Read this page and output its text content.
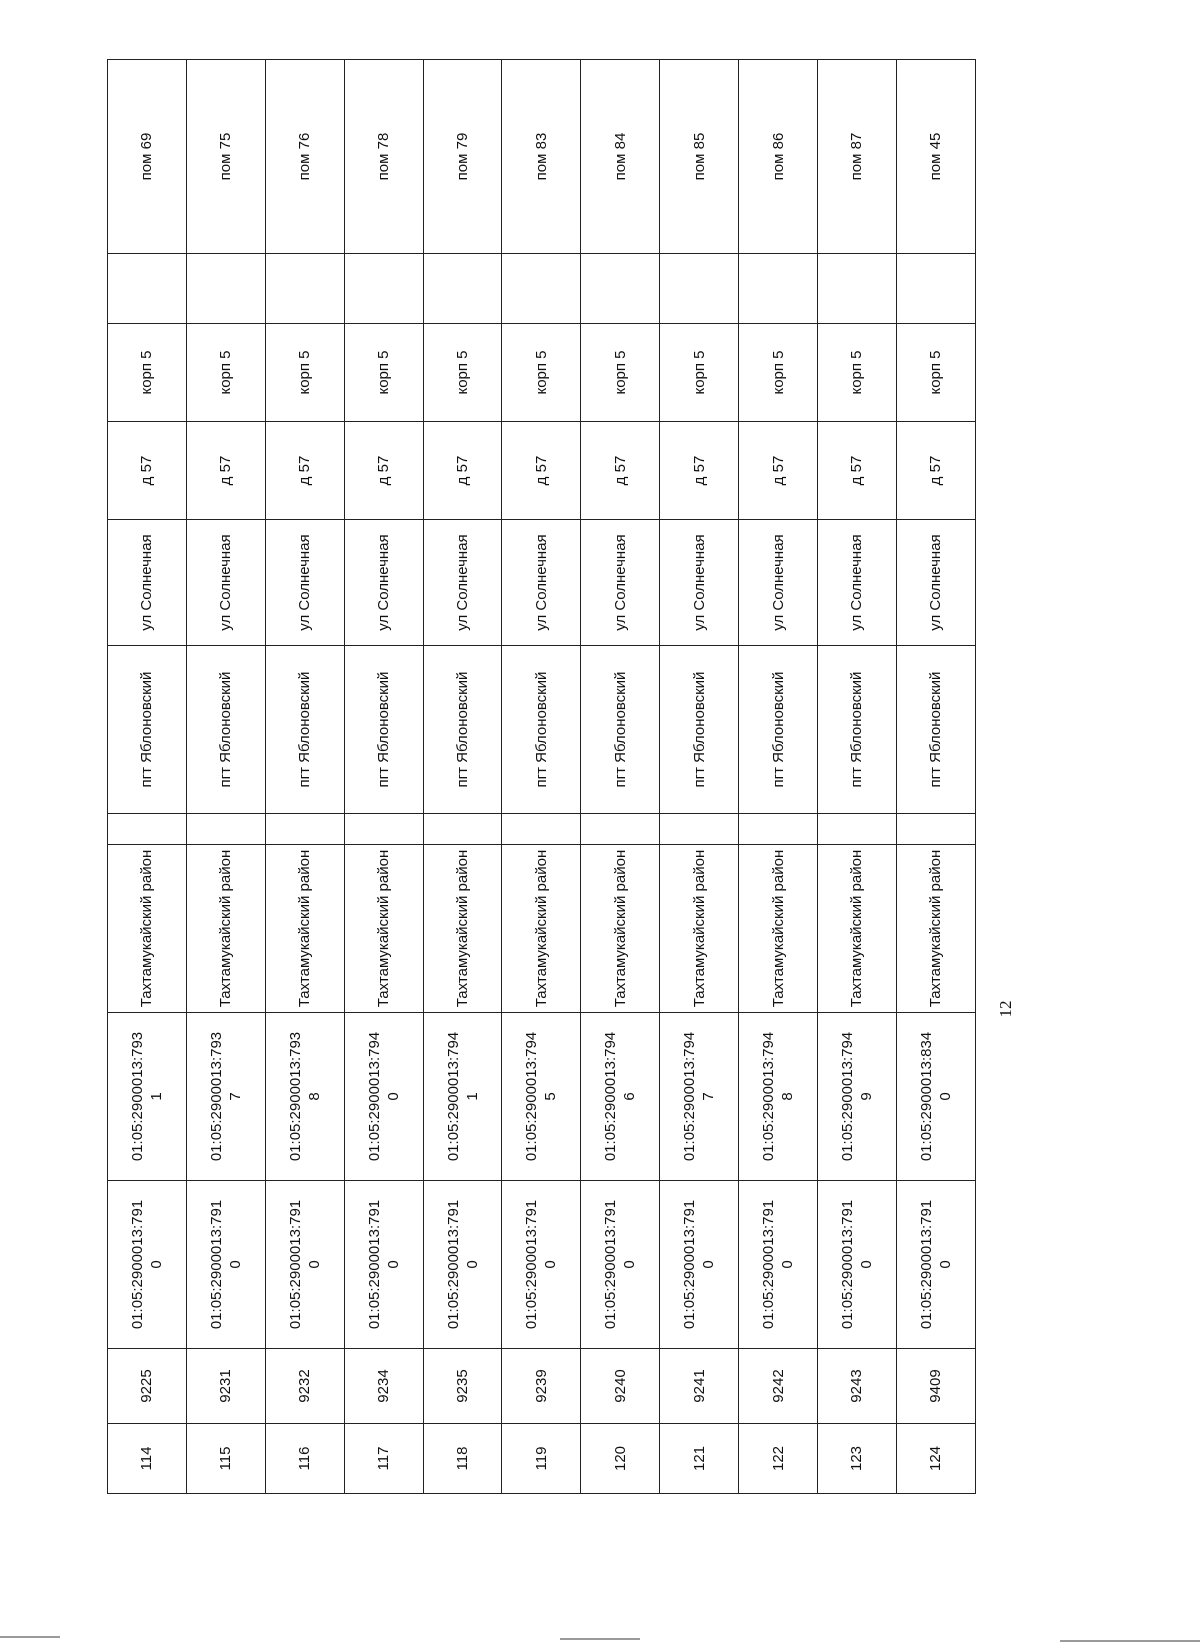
114	9225	01:05:2900013:791 0	01:05:2900013:793 1	Тахтамукайский район		пгт Яблоновский	ул Солнечная	д 57	корп 5		пом 69

115	9231	01:05:2900013:791 0	01:05:2900013:793 7	Тахтамукайский район		пгт Яблоновский	ул Солнечная	д 57	корп 5		пом 75

116	9232	01:05:2900013:791 0	01:05:2900013:793 8	Тахтамукайский район		пгт Яблоновский	ул Солнечная	д 57	корп 5		пом 76

117	9234	01:05:2900013:791 0	01:05:2900013:794 0	Тахтамукайский район		пгт Яблоновский	ул Солнечная	д 57	корп 5		пом 78

118	9235	01:05:2900013:791 0	01:05:2900013:794 1	Тахтамукайский район		пгт Яблоновский	ул Солнечная	д 57	корп 5		пом 79

119	9239	01:05:2900013:791 0	01:05:2900013:794 5	Тахтамукайский район		пгт Яблоновский	ул Солнечная	д 57	корп 5		пом 83

120	9240	01:05:2900013:791 0	01:05:2900013:794 6	Тахтамукайский район		пгт Яблоновский	ул Солнечная	д 57	корп 5		пом 84

121	9241	01:05:2900013:791 0	01:05:2900013:794 7	Тахтамукайский район		пгт Яблоновский	ул Солнечная	д 57	корп 5		пом 85

122	9242	01:05:2900013:791 0	01:05:2900013:794 8	Тахтамукайский район		пгт Яблоновский	ул Солнечная	д 57	корп 5		пом 86

123	9243	01:05:2900013:791 0	01:05:2900013:794 9	Тахтамукайский район		пгт Яблоновский	ул Солнечная	д 57	корп 5		пом 87

124	9409	01:05:2900013:791 0	01:05:2900013:834 0	Тахтамукайский район		пгт Яблоновский	ул Солнечная	д 57	корп 5		пом 45
12
